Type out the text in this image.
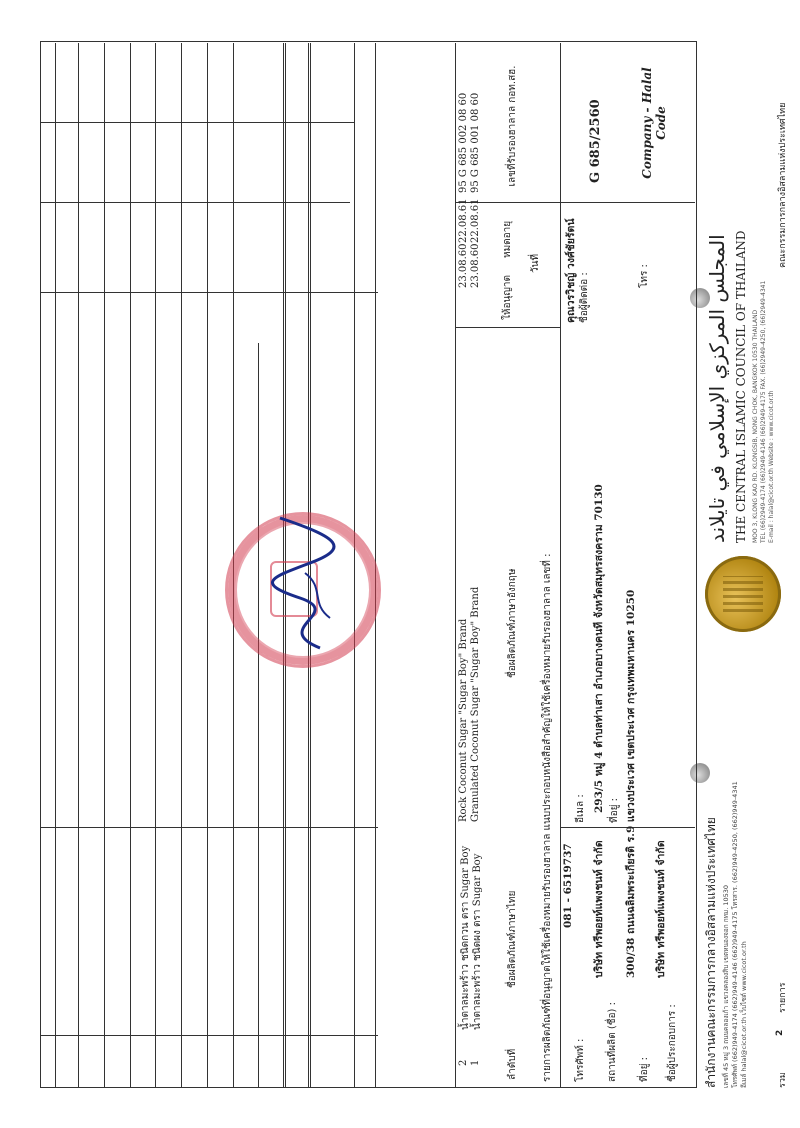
สำนักงานคณะกรรมการกลางอิสลามแห่งประเทศไทย เลขที่ 45 หมู่ 3 ถนนคลองเก้า แขวงคลองสิบ เขตหนองจอก กทม. 10530 โทรศัพท์ (662)949-4174 (662)949-4146 (662)949-4175 โทรสาร. (662)949-4250, (662)949-4341 อีเมล์ halal@cicot.or.th เว็บไซต์ www.cicot.or.th
المجلس المركزي الإسلامي في تايلاند THE CENTRAL ISLAMIC COUNCIL OF THAILAND MOO 3, KLONG KAO RD. KLONGSIB, NONG CHOK, BANGKOK 10530 THAILAND TEL (66)2949-4174 (66)2949-4146 (66)2949-4175 FAX. (66)2949-4250, (66)2949-4341 E-mail : halal@cicot.or.th Website : www.cicot.or.th
ชื่อผู้ประกอบการ :
บริษัท ทรีพอยท์แพงชนท์ จำกัด
ที่อยู่ :
300/38 ถนนฉลิมพระเกียรติ ร.9 แขวงประเวศ เขตประเวศ กรุงเทพมหานคร 10250
โทร :
สถานที่ผลิต (ชื่อ) :
บริษัท ทรีพอยท์แพงชนท์ จำกัด
ที่อยู่ :
293/5 หมู่ 4 ตำบลท่าเสา อำเภอบางคนที จังหวัดสมุทรสงคราม 70130
โทรศัพท์ :
081 - 6519737
อีเมล :
ชื่อผู้ติดต่อ :
คุณวรวิชญ์ วงศ์ชัยรัตน์
Company - Halal Code
G 685/2560
รายการผลิตภัณฑ์ที่อนุญาตให้ใช้เครื่องหมายรับรองฮาลาล แนบประกอบหนังสือสำคัญให้ใช้เครื่องหมายรับรองฮาลาล เลขที่ :
ลำดับที่
ชื่อผลิตภัณฑ์ภาษาไทย
ชื่อผลิตภัณฑ์ภาษาอังกฤษ
วันที่
ให้อนุญาต
หมดอายุ
เลขที่รับรองฮาลาล กอท.สฮ.
1
น้ำตาลมะพร้าว ชนิดผง ตรา Sugar Boy
Granulated Coconut Sugar "Sugar Boy" Brand
23.08.60
22.08.61
95 G 685 001 08 60
2
น้ำตาลมะพร้าว ชนิดกวน ตรา Sugar Boy
Rock Coconut Sugar "Sugar Boy" Brand
23.08.60
22.08.61
95 G 685 002 08 60
รวม
2
รายการ
คณะกรรมการกลางอิสลามแห่งประเทศไทย
